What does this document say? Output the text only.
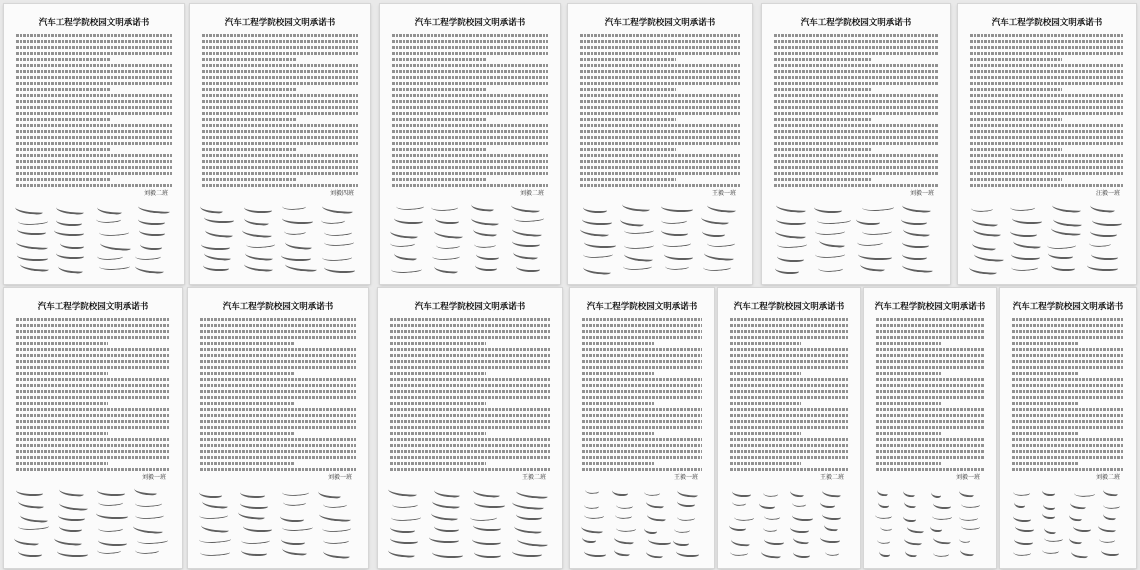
汽车工程学院校园文明承诺书
刘毅二班
汽车工程学院校园文明承诺书
刘毅四班
汽车工程学院校园文明承诺书
刘毅二班
汽车工程学院校园文明承诺书
王毅一班
汽车工程学院校园文明承诺书
刘毅一班
汽车工程学院校园文明承诺书
汪毅一班
汽车工程学院校园文明承诺书
刘毅一班
汽车工程学院校园文明承诺书
刘毅一班
汽车工程学院校园文明承诺书
王毅二班
汽车工程学院校园文明承诺书
王毅一班
汽车工程学院校园文明承诺书
王毅二班
汽车工程学院校园文明承诺书
刘毅一班
汽车工程学院校园文明承诺书
刘毅二班
